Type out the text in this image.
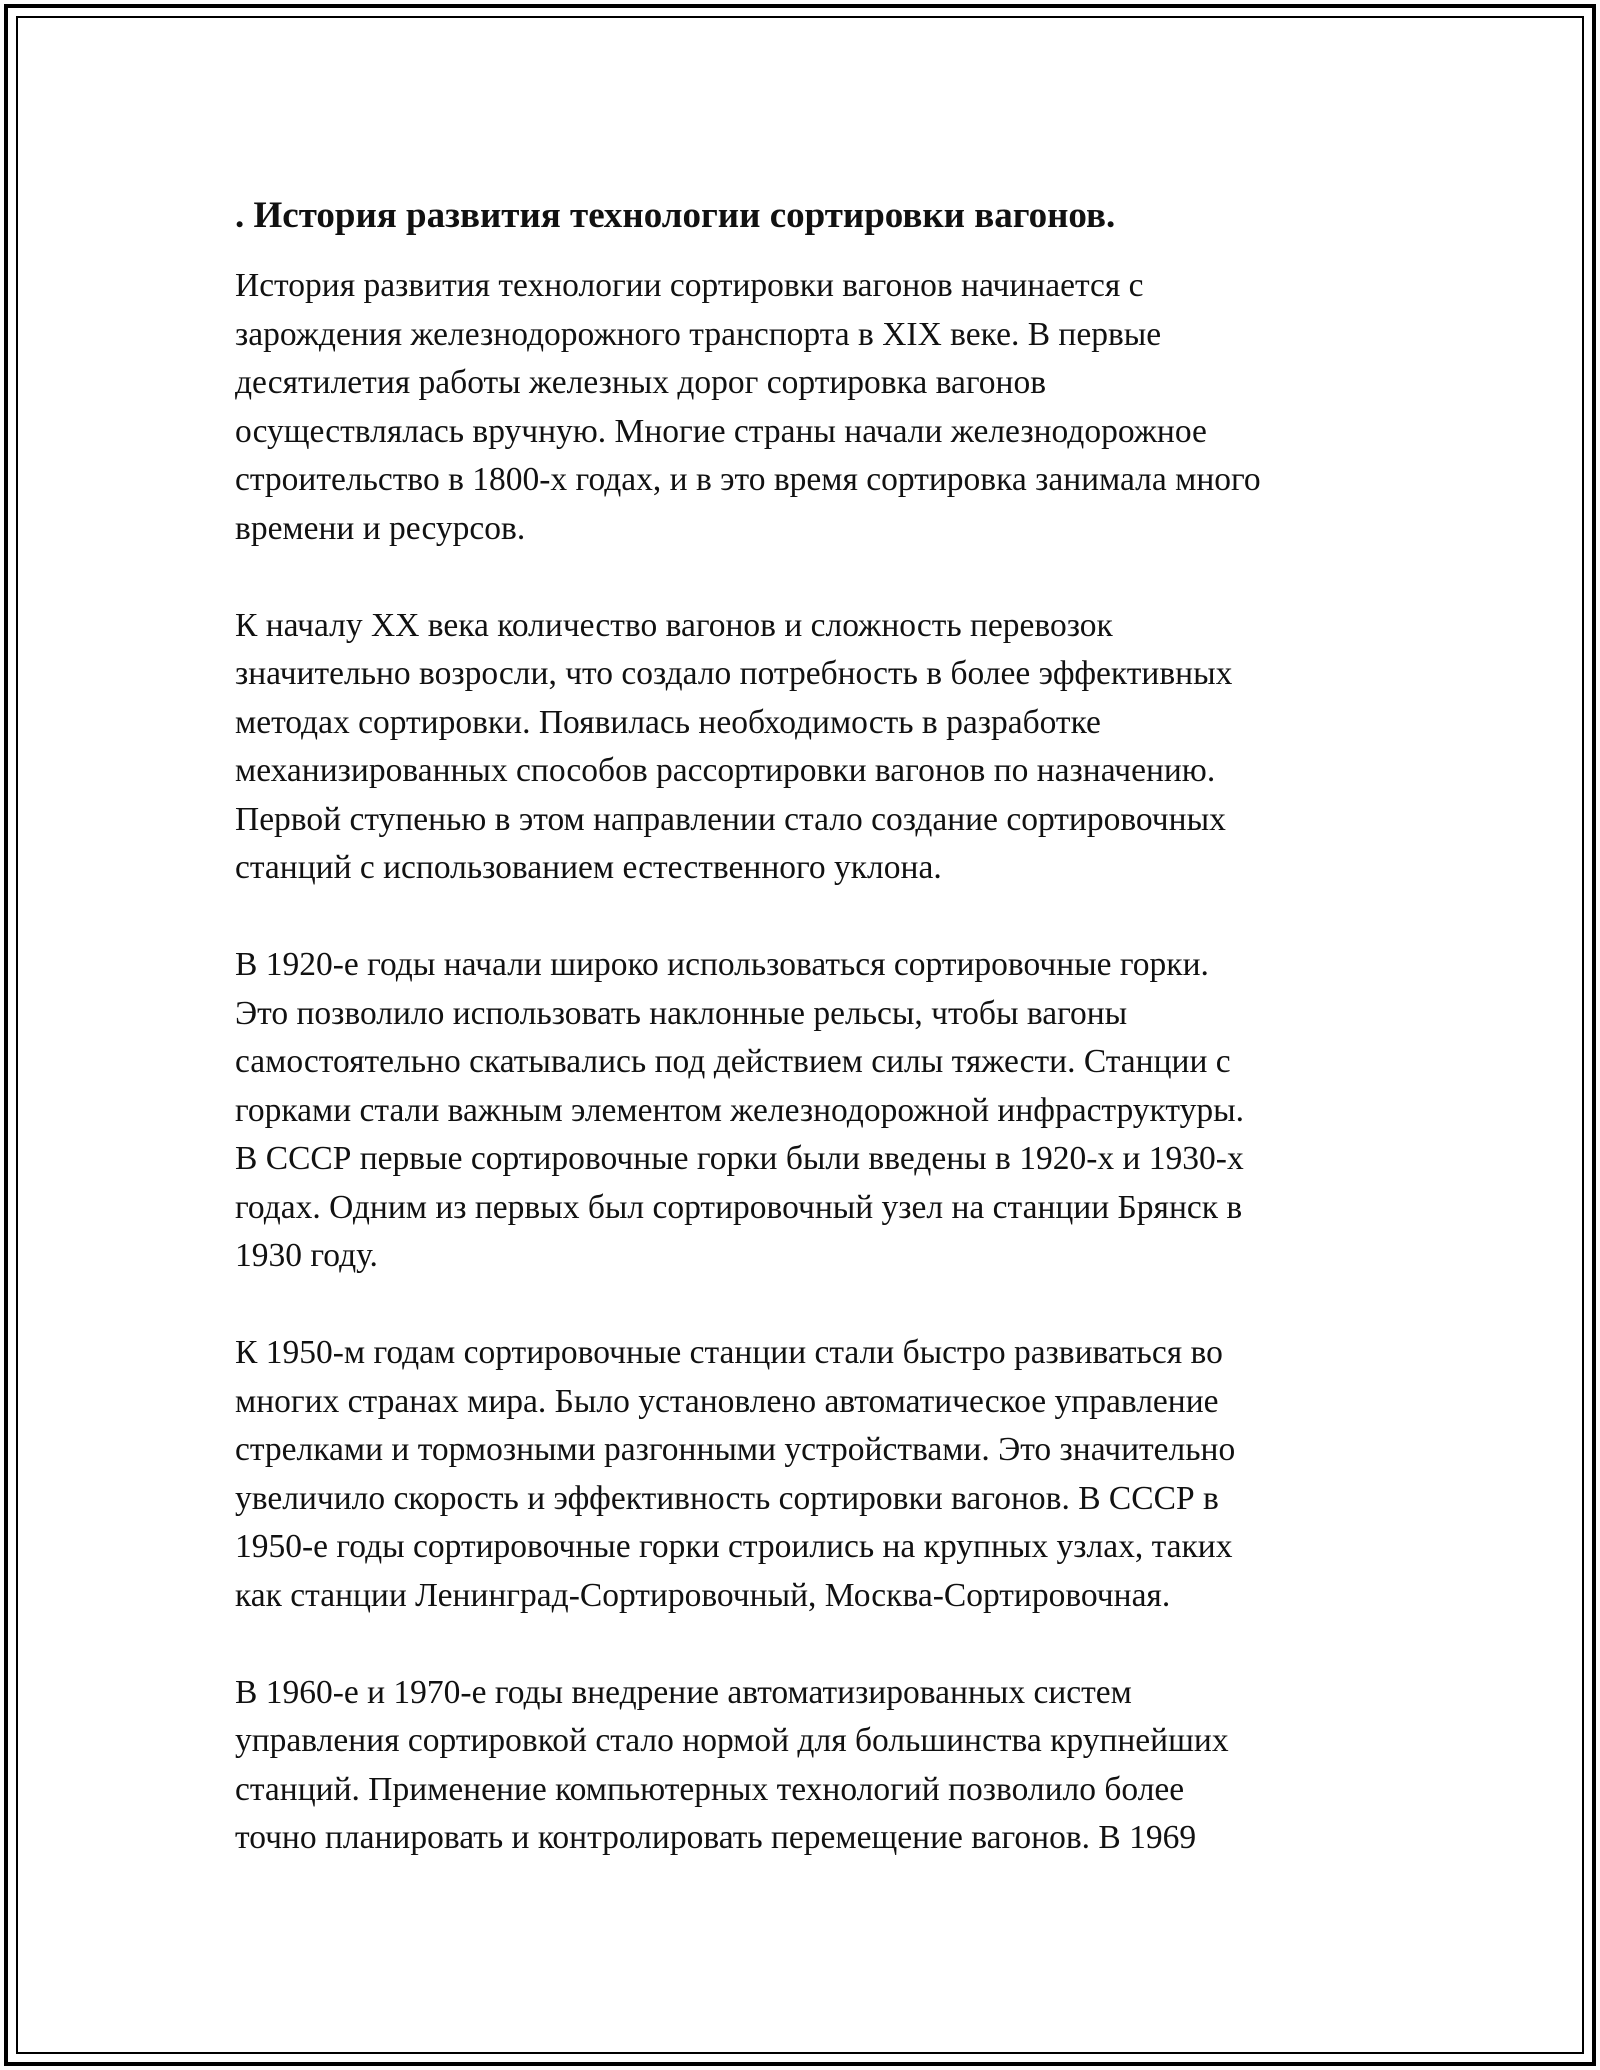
. История развития технологии сортировки вагонов.
История развития технологии сортировки вагонов начинается с
зарождения железнодорожного транспорта в XIX веке. В первые
десятилетия работы железных дорог сортировка вагонов
осуществлялась вручную. Многие страны начали железнодорожное
строительство в 1800-х годах, и в это время сортировка занимала много
времени и ресурсов.
К началу XX века количество вагонов и сложность перевозок
значительно возросли, что создало потребность в более эффективных
методах сортировки. Появилась необходимость в разработке
механизированных способов рассортировки вагонов по назначению.
Первой ступенью в этом направлении стало создание сортировочных
станций с использованием естественного уклона.
В 1920-е годы начали широко использоваться сортировочные горки.
Это позволило использовать наклонные рельсы, чтобы вагоны
самостоятельно скатывались под действием силы тяжести. Станции с
горками стали важным элементом железнодорожной инфраструктуры.
В СССР первые сортировочные горки были введены в 1920-х и 1930-х
годах. Одним из первых был сортировочный узел на станции Брянск в
1930 году.
К 1950-м годам сортировочные станции стали быстро развиваться во
многих странах мира. Было установлено автоматическое управление
стрелками и тормозными разгонными устройствами. Это значительно
увеличило скорость и эффективность сортировки вагонов. В СССР в
1950-е годы сортировочные горки строились на крупных узлах, таких
как станции Ленинград-Сортировочный, Москва-Сортировочная.
В 1960-е и 1970-е годы внедрение автоматизированных систем
управления сортировкой стало нормой для большинства крупнейших
станций. Применение компьютерных технологий позволило более
точно планировать и контролировать перемещение вагонов. В 1969
